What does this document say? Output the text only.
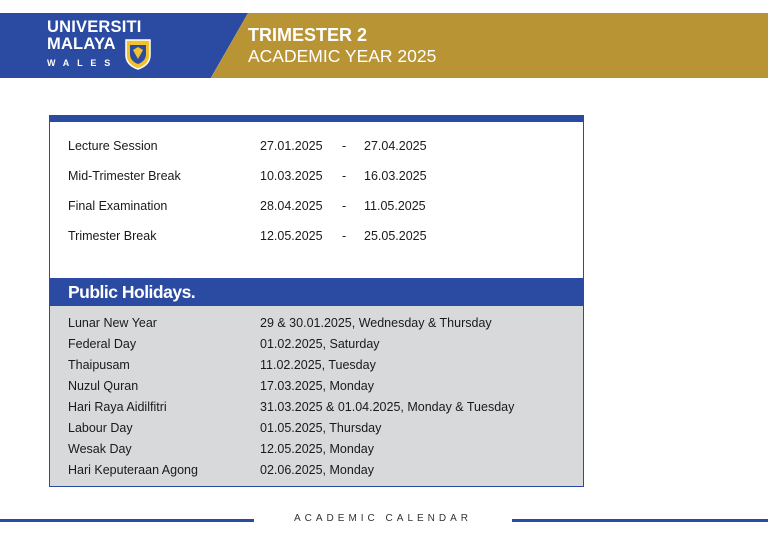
UNIVERSITI
MALAYA
WALES
TRIMESTER 2
ACADEMIC YEAR 2025
Lecture Session	27.01.2025	-	27.04.2025
Mid-Trimester Break	10.03.2025	-	16.03.2025
Final Examination	28.04.2025	-	11.05.2025
Trimester Break	12.05.2025	-	25.05.2025
Public Holidays.
Lunar New Year	29 & 30.01.2025, Wednesday & Thursday
Federal Day	01.02.2025, Saturday
Thaipusam	11.02.2025, Tuesday
Nuzul Quran	17.03.2025, Monday
Hari Raya Aidilfitri	31.03.2025 & 01.04.2025, Monday & Tuesday
Labour Day	01.05.2025, Thursday
Wesak Day	12.05.2025, Monday
Hari Keputeraan Agong	02.06.2025, Monday
ACADEMIC CALENDAR
